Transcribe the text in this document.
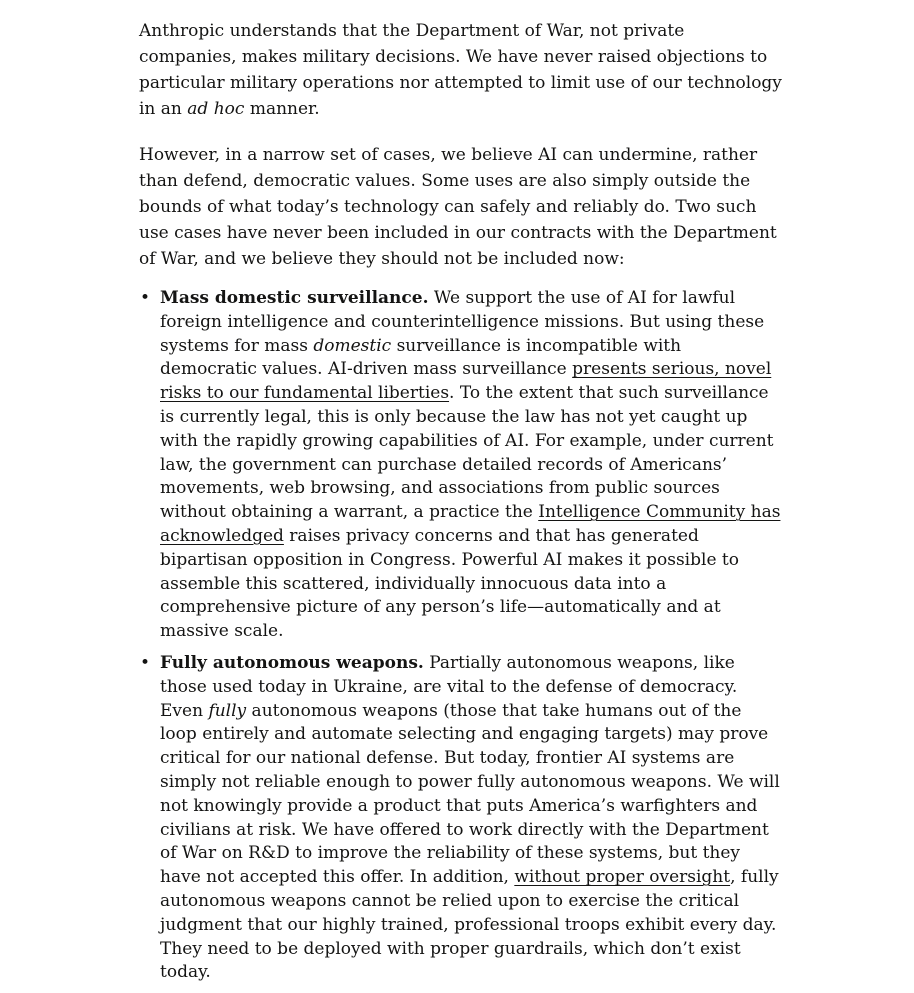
Anthropic understands that the Department of War, not private companies, makes military decisions. We have never raised objections to particular military operations nor attempted to limit use of our technology in an ad hoc manner.

However, in a narrow set of cases, we believe AI can undermine, rather than defend, democratic values. Some uses are also simply outside the bounds of what today’s technology can safely and reliably do. Two such use cases have never been included in our contracts with the Department of War, and we believe they should not be included now:

• Mass domestic surveillance. We support the use of AI for lawful foreign intelligence and counterintelligence missions. But using these systems for mass domestic surveillance is incompatible with democratic values. AI-driven mass surveillance presents serious, novel risks to our fundamental liberties. To the extent that such surveillance is currently legal, this is only because the law has not yet caught up with the rapidly growing capabilities of AI. For example, under current law, the government can purchase detailed records of Americans’ movements, web browsing, and associations from public sources without obtaining a warrant, a practice the Intelligence Community has acknowledged raises privacy concerns and that has generated bipartisan opposition in Congress. Powerful AI makes it possible to assemble this scattered, individually innocuous data into a comprehensive picture of any person’s life—automatically and at massive scale.
• Fully autonomous weapons. Partially autonomous weapons, like those used today in Ukraine, are vital to the defense of democracy. Even fully autonomous weapons (those that take humans out of the loop entirely and automate selecting and engaging targets) may prove critical for our national defense. But today, frontier AI systems are simply not reliable enough to power fully autonomous weapons. We will not knowingly provide a product that puts America’s warfighters and civilians at risk. We have offered to work directly with the Department of War on R&D to improve the reliability of these systems, but they have not accepted this offer. In addition, without proper oversight, fully autonomous weapons cannot be relied upon to exercise the critical judgment that our highly trained, professional troops exhibit every day. They need to be deployed with proper guardrails, which don’t exist today.
